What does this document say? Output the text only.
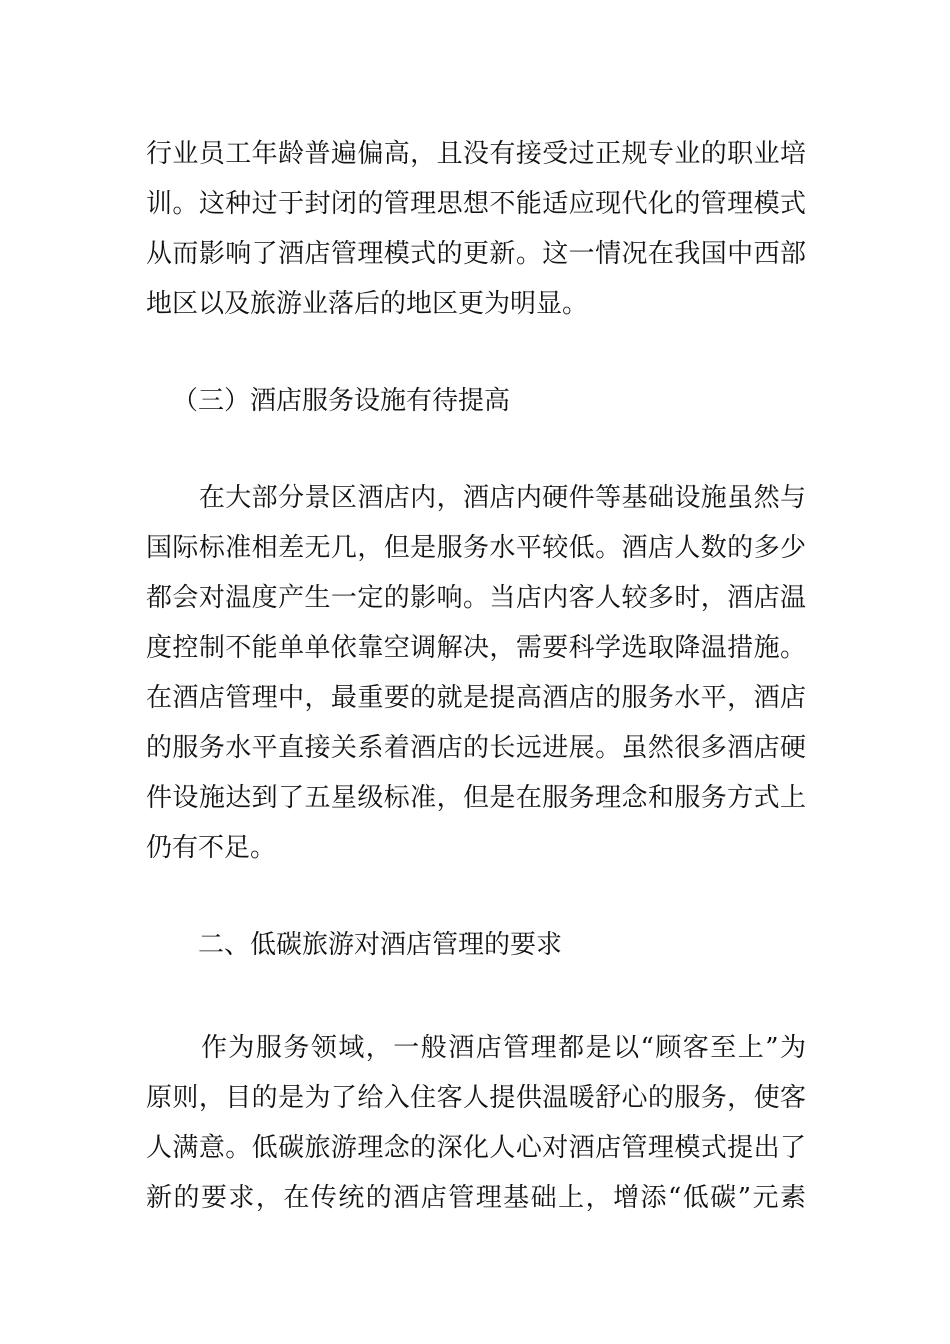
行业员工年龄普遍偏高，且没有接受过正规专业的职业培
训。这种过于封闭的管理思想不能适应现代化的管理模式
从而影响了酒店管理模式的更新。这一情况在我国中西部
地区以及旅游业落后的地区更为明显。
（三）酒店服务设施有待提高
　　在大部分景区酒店内，酒店内硬件等基础设施虽然与
国际标准相差无几，但是服务水平较低。酒店人数的多少
都会对温度产生一定的影响。当店内客人较多时，酒店温
度控制不能单单依靠空调解决，需要科学选取降温措施。
在酒店管理中，最重要的就是提高酒店的服务水平，酒店
的服务水平直接关系着酒店的长远进展。虽然很多酒店硬
件设施达到了五星级标准，但是在服务理念和服务方式上
仍有不足。
　　二、低碳旅游对酒店管理的要求
　　作为服务领域，一般酒店管理都是以“顾客至上”为
原则，目的是为了给入住客人提供温暖舒心的服务，使客
人满意。低碳旅游理念的深化人心对酒店管理模式提出了
新的要求，在传统的酒店管理基础上，增添“低碳”元素
